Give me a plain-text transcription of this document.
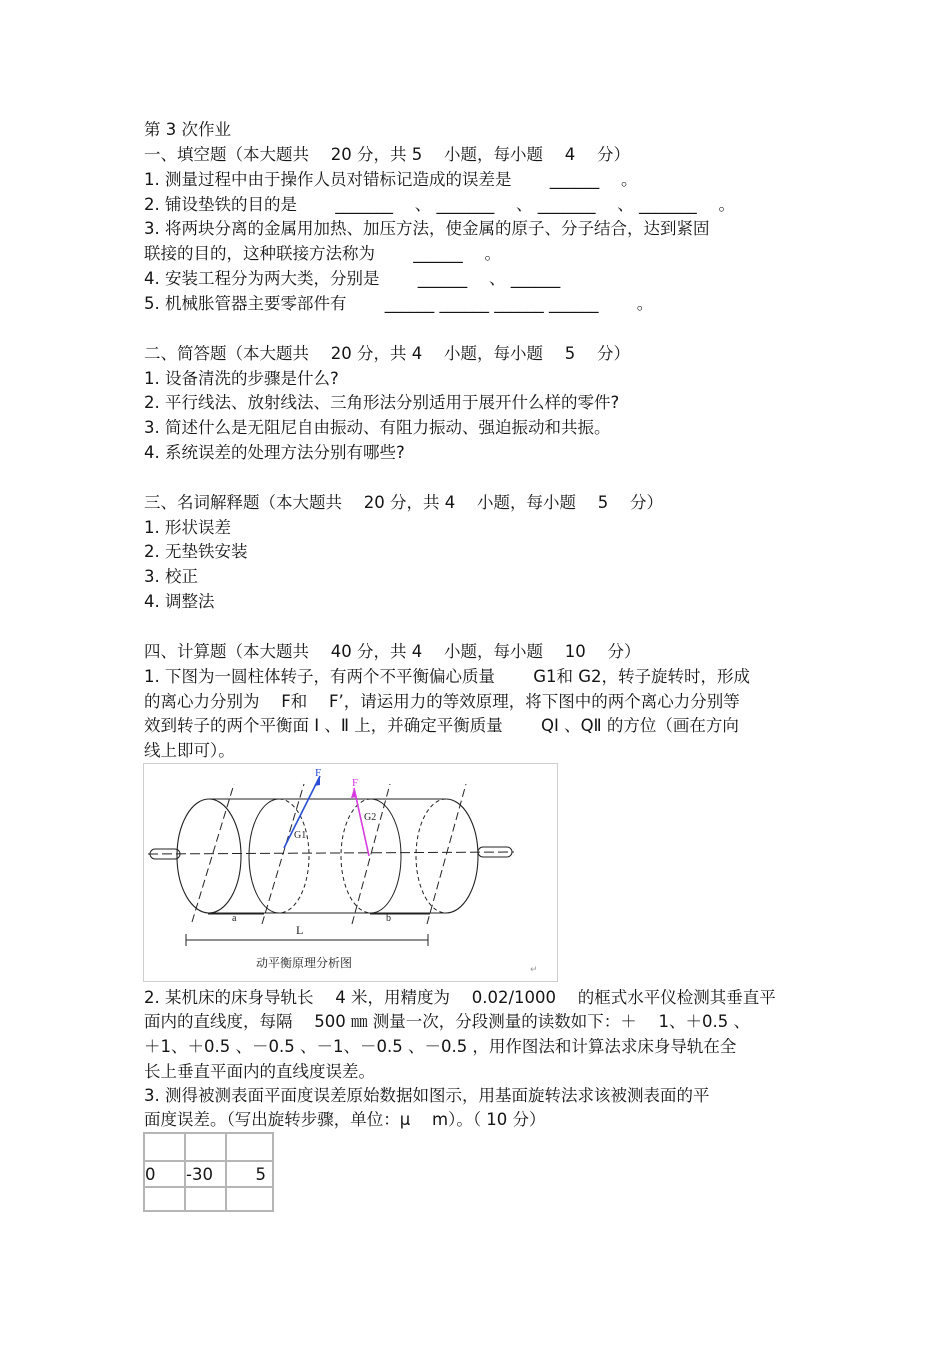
第 3 次作业
一、填空题（本大题共 　20 分，共 5 　小题，每小题 　4 　分）
1. 测量过程中由于操作人员对错标记造成的误差是 　　______ 　。
2. 铺设垫铁的目的是 　　_______ 　、 _______ 　、 _______ 　、 _______ 　。
3. 将两块分离的金属用加热、加压方法，使金属的原子、分子结合，达到紧固
联接的目的，这种联接方法称为 　　______ 　。
4. 安装工程分为两大类，分别是 　　______ 　、 ______
5. 机械胀管器主要零部件有 　　______ ______ ______ ______ 　　。
二、简答题（本大题共 　20 分，共 4 　小题，每小题 　5 　分）
1. 设备清洗的步骤是什么?
2. 平行线法、放射线法、三角形法分别适用于展开什么样的零件?
3. 简述什么是无阻尼自由振动、有阻力振动、强迫振动和共振。
4. 系统误差的处理方法分别有哪些?
三、名词解释题（本大题共 　20 分，共 4 　小题，每小题 　5 　分）
1. 形状误差
2. 无垫铁安装
3. 校正
4. 调整法
四、计算题（本大题共 　40 分，共 4 　小题，每小题 　10 　分）
1. 下图为一圆柱体转子，有两个不平衡偏心质量 　　G1和 G2，转子旋转时，形成
的离心力分别为 　F和 　F’，请运用力的等效原理，将下图中的两个离心力分别等
效到转子的两个平衡面 Ⅰ 、Ⅱ 上，并确定平衡质量 　　QⅠ 、QⅡ 的方位（画在方向
线上即可）。
F
F
G1
G2
a	b
L
动平衡原理分析图	↵
2. 某机床的床身导轨长 　4 米，用精度为 　0.02/1000 　的框式水平仪检测其垂直平
面内的直线度，每隔 　500 ㎜ 测量一次，分段测量的读数如下：＋ 　1、＋0.5 、
＋1、＋0.5 、－0.5 、－1、－0.5 、－0.5 ，用作图法和计算法求床身导轨在全
长上垂直平面内的直线度误差。
3. 测得被测表面平面度误差原始数据如图示，用基面旋转法求该被测表面的平
面度误差。（写出旋转步骤，单位：μ 　m）。（ 10 分）

0	-30	5
